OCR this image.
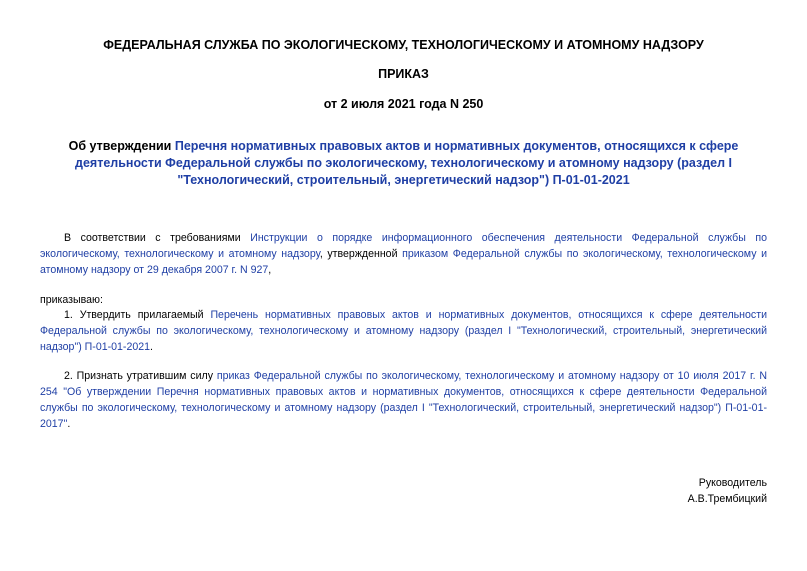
ФЕДЕРАЛЬНАЯ СЛУЖБА ПО ЭКОЛОГИЧЕСКОМУ, ТЕХНОЛОГИЧЕСКОМУ И АТОМНОМУ НАДЗОРУ

ПРИКАЗ

от 2 июля 2021 года N 250

Об утверждении Перечня нормативных правовых актов и нормативных документов, относящихся к сфере деятельности Федеральной службы по экологическому, технологическому и атомному надзору (раздел I "Технологический, строительный, энергетический надзор") П-01-01-2021

В соответствии с требованиями Инструкции о порядке информационного обеспечения деятельности Федеральной службы по экологическому, технологическому и атомному надзору, утвержденной приказом Федеральной службы по экологическому, технологическому и атомному надзору от 29 декабря 2007 г. N 927,

приказываю:

1. Утвердить прилагаемый Перечень нормативных правовых актов и нормативных документов, относящихся к сфере деятельности Федеральной службы по экологическому, технологическому и атомному надзору (раздел I "Технологический, строительный, энергетический надзор") П-01-01-2021.

2. Признать утратившим силу приказ Федеральной службы по экологическому, технологическому и атомному надзору от 10 июля 2017 г. N 254 "Об утверждении Перечня нормативных правовых актов и нормативных документов, относящихся к сфере деятельности Федеральной службы по экологическому, технологическому и атомному надзору (раздел I "Технологический, строительный, энергетический надзор") П-01-01-2017".

Руководитель

А.В.Трембицкий
